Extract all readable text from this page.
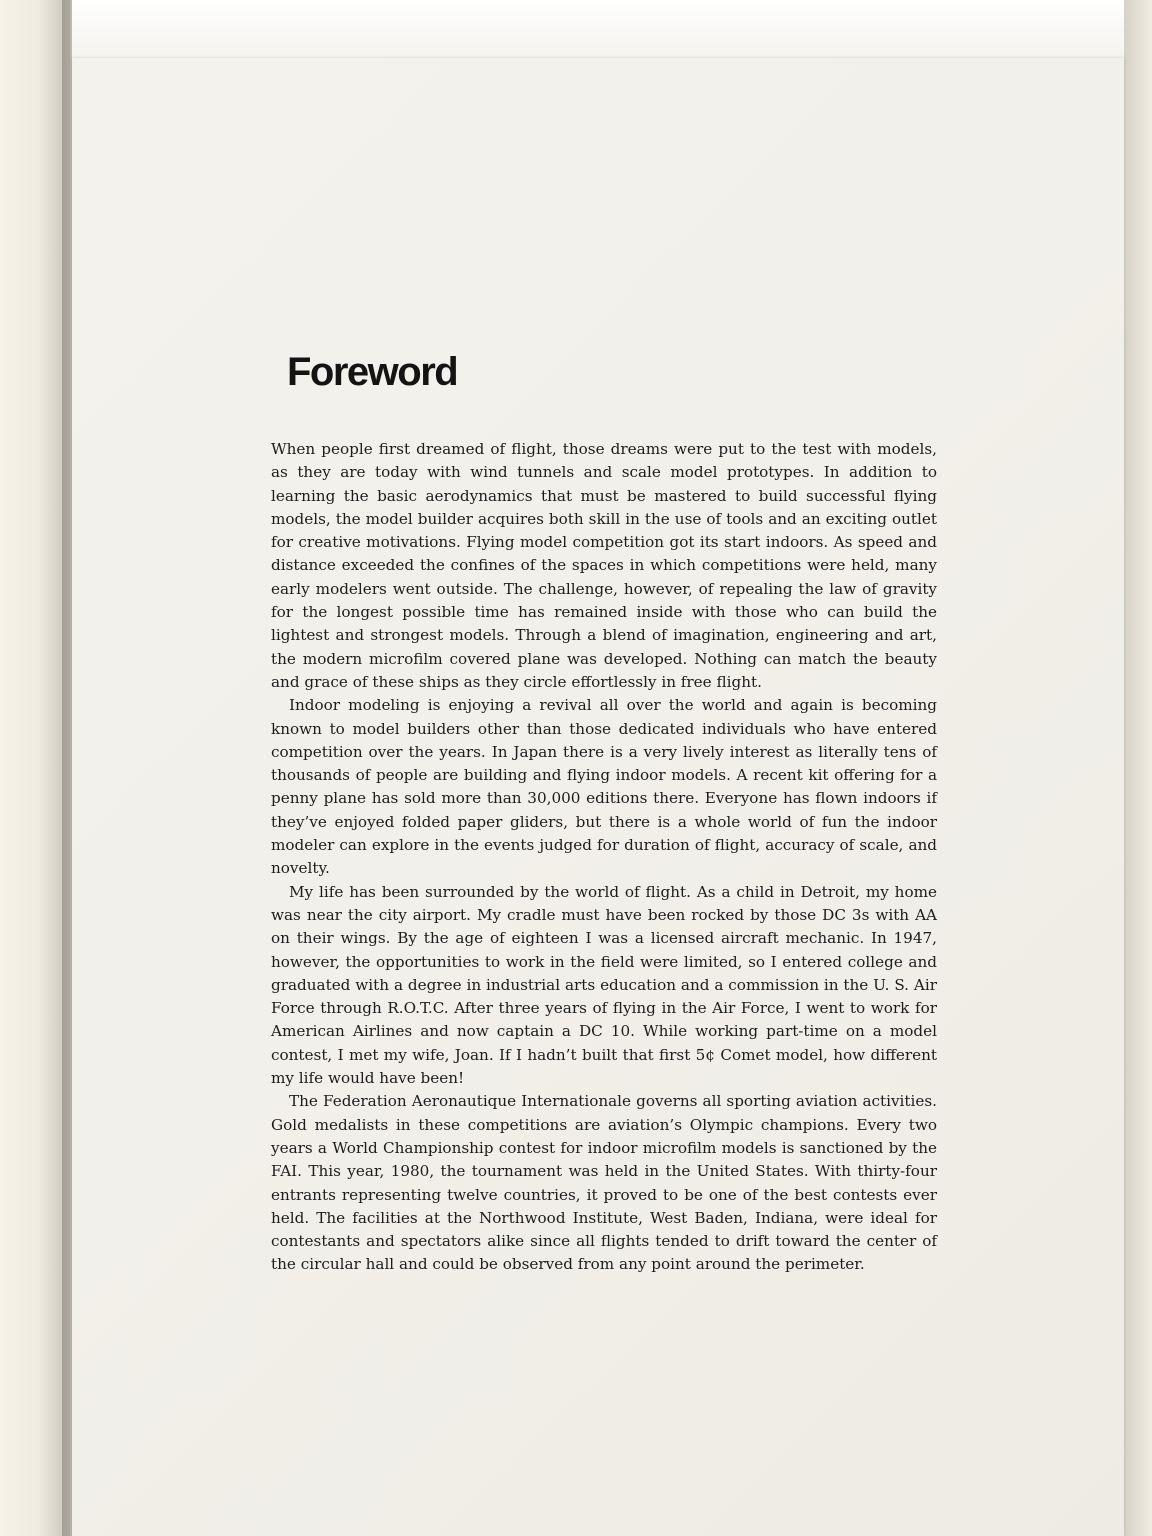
Foreword

When people first dreamed of flight, those dreams were put to the test with models, as they are today with wind tunnels and scale model prototypes. In addition to learning the basic aerodynamics that must be mastered to build successful flying models, the model builder acquires both skill in the use of tools and an exciting outlet for creative motivations. Flying model competition got its start indoors. As speed and distance exceeded the confines of the spaces in which competitions were held, many early modelers went outside. The challenge, however, of repealing the law of gravity for the longest possible time has remained inside with those who can build the lightest and strongest models. Through a blend of imagination, engineering and art, the modern microfilm covered plane was developed. Nothing can match the beauty and grace of these ships as they circle effortlessly in free flight.

Indoor modeling is enjoying a revival all over the world and again is becoming known to model builders other than those dedicated individuals who have entered competition over the years. In Japan there is a very lively interest as literally tens of thousands of people are building and flying indoor models. A recent kit offering for a penny plane has sold more than 30,000 editions there. Everyone has flown indoors if they’ve enjoyed folded paper gliders, but there is a whole world of fun the indoor modeler can explore in the events judged for duration of flight, accuracy of scale, and novelty.

My life has been surrounded by the world of flight. As a child in Detroit, my home was near the city airport. My cradle must have been rocked by those DC 3s with AA on their wings. By the age of eighteen I was a licensed aircraft mechanic. In 1947, however, the opportunities to work in the field were limited, so I entered college and graduated with a degree in industrial arts education and a commission in the U. S. Air Force through R.O.T.C. After three years of flying in the Air Force, I went to work for American Airlines and now captain a DC 10. While working part-time on a model contest, I met my wife, Joan. If I hadn’t built that first 5¢ Comet model, how different my life would have been!

The Federation Aeronautique Internationale governs all sporting aviation activities. Gold medalists in these competitions are aviation’s Olympic champions. Every two years a World Championship contest for indoor microfilm models is sanctioned by the FAI. This year, 1980, the tournament was held in the United States. With thirty-four entrants representing twelve countries, it proved to be one of the best contests ever held. The facilities at the Northwood Institute, West Baden, Indiana, were ideal for contestants and spectators alike since all flights tended to drift toward the center of the circular hall and could be observed from any point around the perimeter.
